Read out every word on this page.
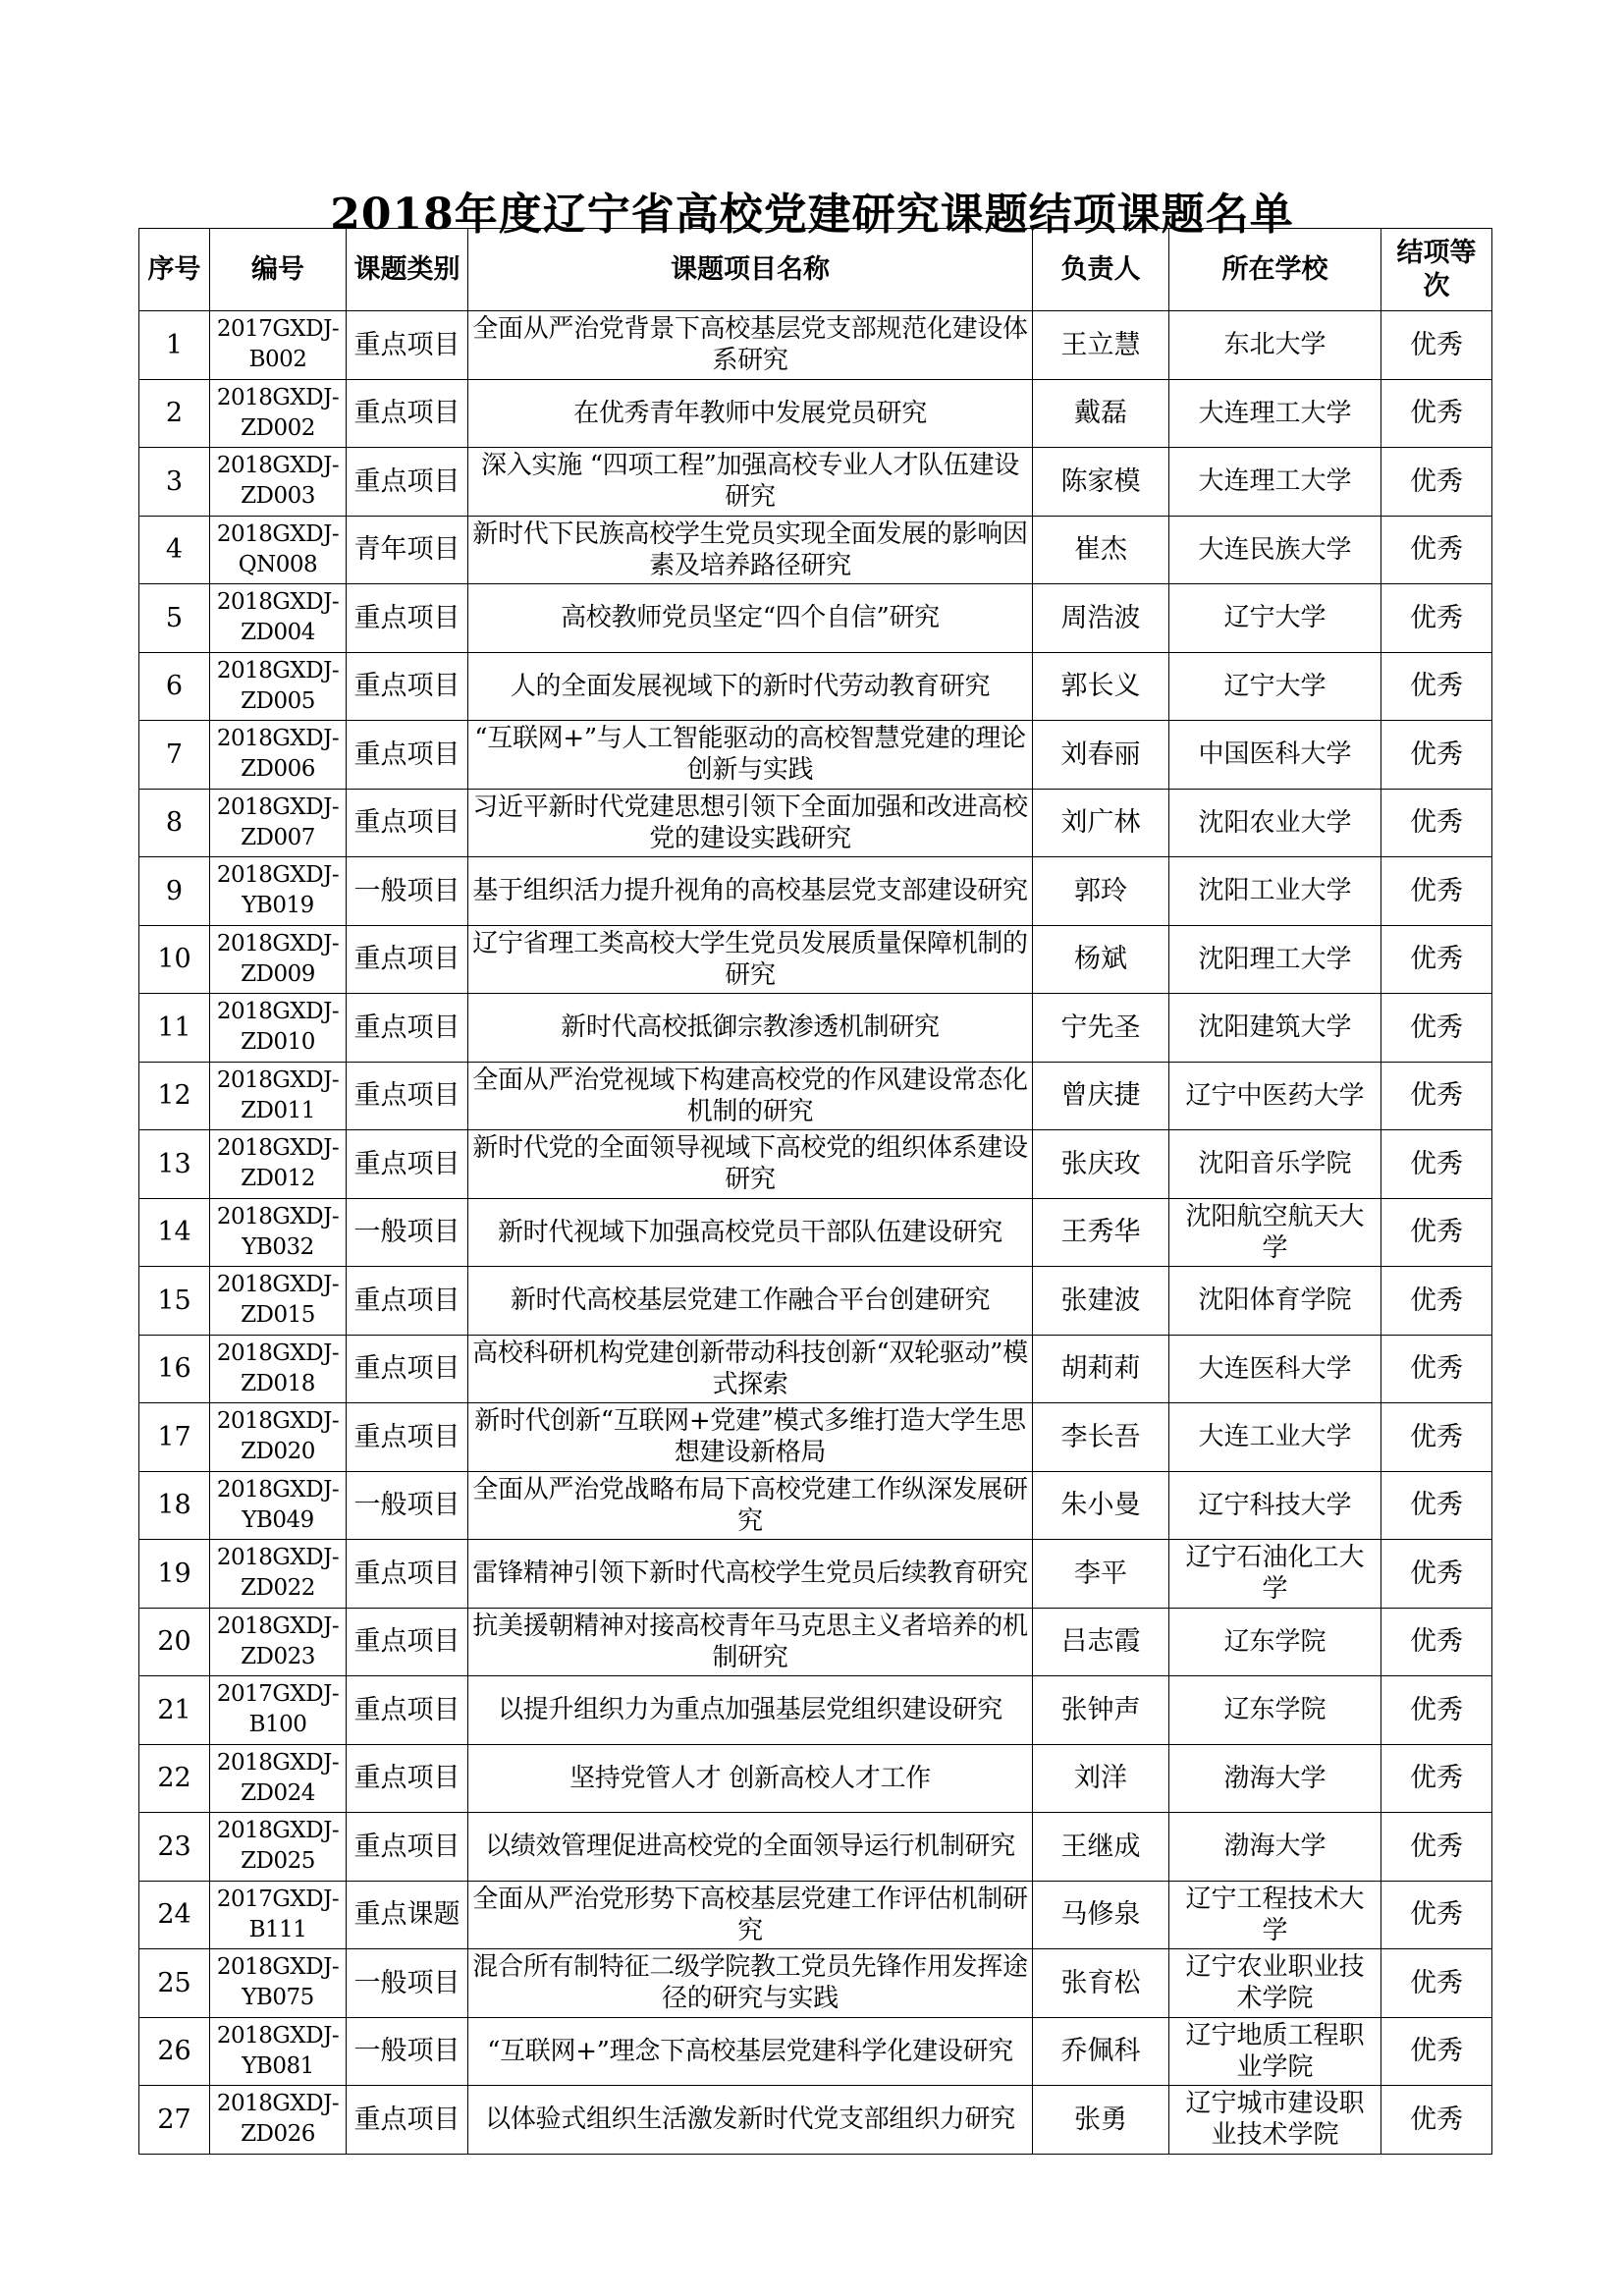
2018年度辽宁省高校党建研究课题结项课题名单
序号	编号	课题类别	课题项目名称	负责人	所在学校	结项等次
1	2017GXDJ-B002	重点项目	全面从严治党背景下高校基层党支部规范化建设体系研究	王立慧	东北大学	优秀
2	2018GXDJ-ZD002	重点项目	在优秀青年教师中发展党员研究	戴磊	大连理工大学	优秀
3	2018GXDJ-ZD003	重点项目	深入实施 “四项工程”加强高校专业人才队伍建设研究	陈家模	大连理工大学	优秀
4	2018GXDJ-QN008	青年项目	新时代下民族高校学生党员实现全面发展的影响因素及培养路径研究	崔杰	大连民族大学	优秀
5	2018GXDJ-ZD004	重点项目	高校教师党员坚定“四个自信”研究	周浩波	辽宁大学	优秀
6	2018GXDJ-ZD005	重点项目	人的全面发展视域下的新时代劳动教育研究	郭长义	辽宁大学	优秀
7	2018GXDJ-ZD006	重点项目	“互联网+”与人工智能驱动的高校智慧党建的理论创新与实践	刘春丽	中国医科大学	优秀
8	2018GXDJ-ZD007	重点项目	习近平新时代党建思想引领下全面加强和改进高校党的建设实践研究	刘广林	沈阳农业大学	优秀
9	2018GXDJ-YB019	一般项目	基于组织活力提升视角的高校基层党支部建设研究	郭玲	沈阳工业大学	优秀
10	2018GXDJ-ZD009	重点项目	辽宁省理工类高校大学生党员发展质量保障机制的研究	杨斌	沈阳理工大学	优秀
11	2018GXDJ-ZD010	重点项目	新时代高校抵御宗教渗透机制研究	宁先圣	沈阳建筑大学	优秀
12	2018GXDJ-ZD011	重点项目	全面从严治党视域下构建高校党的作风建设常态化机制的研究	曾庆捷	辽宁中医药大学	优秀
13	2018GXDJ-ZD012	重点项目	新时代党的全面领导视域下高校党的组织体系建设研究	张庆玫	沈阳音乐学院	优秀
14	2018GXDJ-YB032	一般项目	新时代视域下加强高校党员干部队伍建设研究	王秀华	沈阳航空航天大学	优秀
15	2018GXDJ-ZD015	重点项目	新时代高校基层党建工作融合平台创建研究	张建波	沈阳体育学院	优秀
16	2018GXDJ-ZD018	重点项目	高校科研机构党建创新带动科技创新“双轮驱动”模式探索	胡莉莉	大连医科大学	优秀
17	2018GXDJ-ZD020	重点项目	新时代创新“互联网+党建”模式多维打造大学生思想建设新格局	李长吾	大连工业大学	优秀
18	2018GXDJ-YB049	一般项目	全面从严治党战略布局下高校党建工作纵深发展研究	朱小曼	辽宁科技大学	优秀
19	2018GXDJ-ZD022	重点项目	雷锋精神引领下新时代高校学生党员后续教育研究	李平	辽宁石油化工大学	优秀
20	2018GXDJ-ZD023	重点项目	抗美援朝精神对接高校青年马克思主义者培养的机制研究	吕志霞	辽东学院	优秀
21	2017GXDJ-B100	重点项目	以提升组织力为重点加强基层党组织建设研究	张钟声	辽东学院	优秀
22	2018GXDJ-ZD024	重点项目	坚持党管人才 创新高校人才工作	刘洋	渤海大学	优秀
23	2018GXDJ-ZD025	重点项目	以绩效管理促进高校党的全面领导运行机制研究	王继成	渤海大学	优秀
24	2017GXDJ-B111	重点课题	全面从严治党形势下高校基层党建工作评估机制研究	马修泉	辽宁工程技术大学	优秀
25	2018GXDJ-YB075	一般项目	混合所有制特征二级学院教工党员先锋作用发挥途径的研究与实践	张育松	辽宁农业职业技术学院	优秀
26	2018GXDJ-YB081	一般项目	“互联网+”理念下高校基层党建科学化建设研究	乔佩科	辽宁地质工程职业学院	优秀
27	2018GXDJ-ZD026	重点项目	以体验式组织生活激发新时代党支部组织力研究	张勇	辽宁城市建设职业技术学院	优秀
